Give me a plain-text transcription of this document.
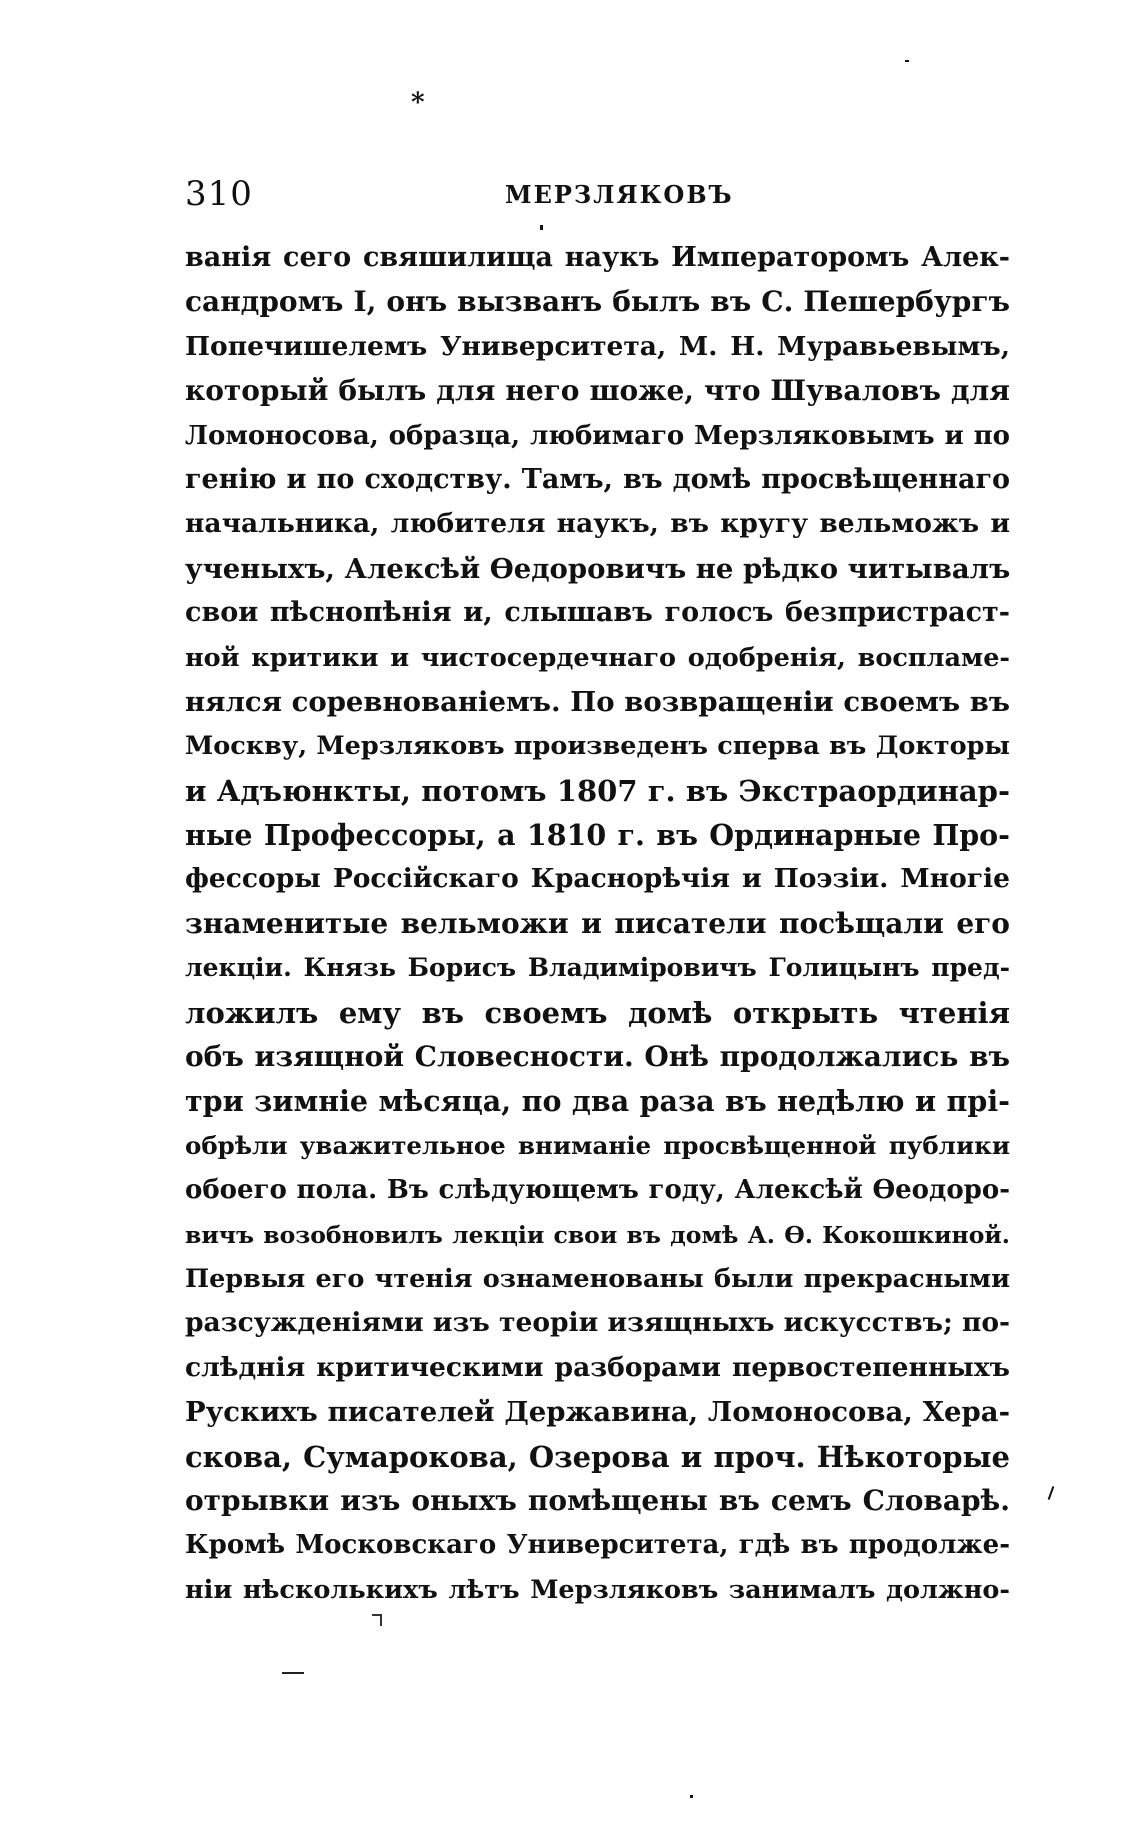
*
310	МЕРЗЛЯКОВЪ
ванія сего свяшилища наукъ Императоромъ Алек-
сандромъ I, онъ вызванъ былъ въ С. Пешербургъ
Попечишелемъ Университета, М. Н. Муравьевымъ,
который былъ для него шоже, что Шуваловъ для
Ломоносова, образца, любимаго Мерзляковымъ и по
генію и по сходству. Тамъ, въ домѣ просвѣщеннаго
начальника, любителя наукъ, въ кругу вельможъ и
ученыхъ, Алексѣй Ѳедоровичъ не рѣдко читывалъ
свои пѣснопѣнія и, слышавъ голосъ безпристраст-
ной критики и чистосердечнаго одобренія, воспламе-
нялся соревнованіемъ. По возвращеніи своемъ въ
Москву, Мерзляковъ произведенъ сперва въ Докторы
и Адъюнкты, потомъ 1807 г. въ Экстраординар-
ные Профессоры, а 1810 г. въ Ординарные Про-
фессоры Россійскаго Краснорѣчія и Поэзіи. Многіе
знаменитые вельможи и писатели посѣщали его
лекціи. Князь Борисъ Владиміровичъ Голицынъ пред-
ложилъ ему въ своемъ домѣ открыть чтенія
объ изящной Словесности. Онѣ продолжались въ
три зимніе мѣсяца, по два раза въ недѣлю и прі-
обрѣли уважительное вниманіе просвѣщенной публики
обоего пола. Въ слѣдующемъ году, Алексѣй Ѳеодоро-
вичъ возобновилъ лекціи свои въ домѣ А. Ѳ. Кокошкиной.
Первыя его чтенія ознаменованы были прекрасными
разсужденіями изъ теоріи изящныхъ искусствъ; по-
слѣднія критическими разборами первостепенныхъ
Рускихъ писателей Державина, Ломоносова, Хера-
скова, Сумарокова, Озерова и проч. Нѣкоторые
отрывки изъ оныхъ помѣщены въ семъ Словарѣ.
Кромѣ Московскаго Университета, гдѣ въ продолже-
ніи нѣсколькихъ лѣтъ Мерзляковъ занималъ должно-
